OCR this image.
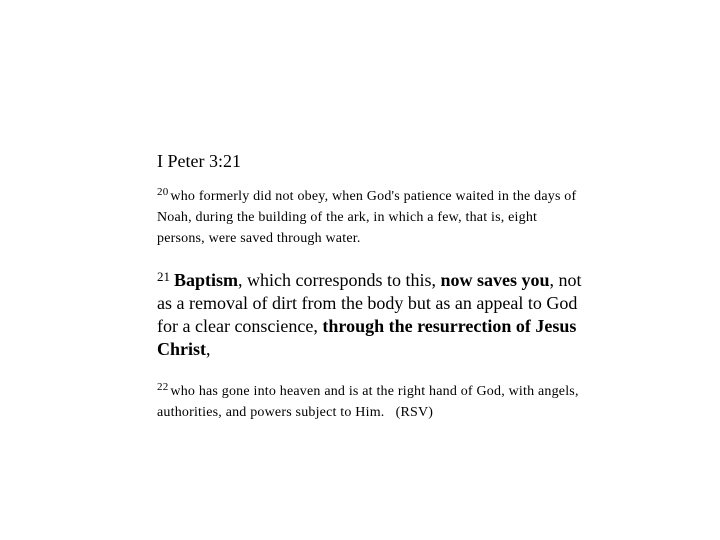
I Peter 3:21

$^{20}$ who formerly did not obey, when God's patience waited in the days of Noah, during the building of the ark, in which a few, that is, eight persons, were saved through water.

$^{21}$ Baptism, which corresponds to this, now saves you, not as a removal of dirt from the body but as an appeal to God for a clear conscience, through the resurrection of Jesus Christ,

$^{22}$ who has gone into heaven and is at the right hand of God, with angels, authorities, and powers subject to Him. (RSV)
